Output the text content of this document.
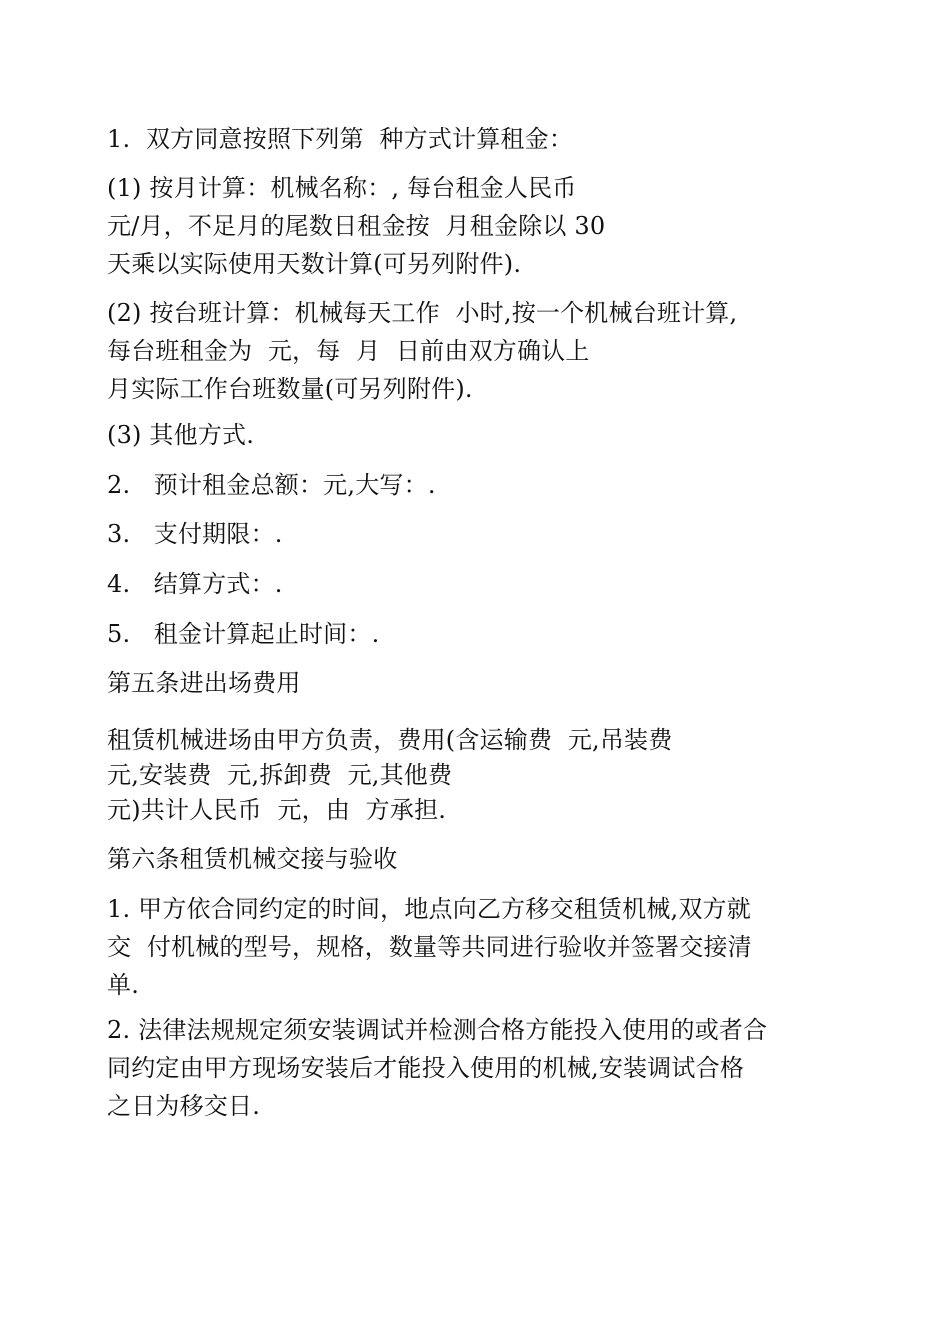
1.  双方同意按照下列第  种方式计算租金：
(1) 按月计算：机械名称：, 每台租金人民币
元/月，不足月的尾数日租金按  月租金除以 30
天乘以实际使用天数计算(可另列附件).
(2) 按台班计算：机械每天工作  小时,按一个机械台班计算,
每台班租金为  元，每  月  日前由双方确认上
月实际工作台班数量(可另列附件).
(3) 其他方式.
2.   预计租金总额：元,大写：.
3.   支付期限：.
4.   结算方式：.
5.   租金计算起止时间：.
第五条进出场费用
租赁机械进场由甲方负责，费用(含运输费  元,吊装费
元,安装费  元,拆卸费  元,其他费
元)共计人民币  元，由  方承担.
第六条租赁机械交接与验收
1. 甲方依合同约定的时间，地点向乙方移交租赁机械,双方就
交  付机械的型号，规格，数量等共同进行验收并签署交接清
单.
2. 法律法规规定须安装调试并检测合格方能投入使用的或者合
同约定由甲方现场安装后才能投入使用的机械,安装调试合格
之日为移交日.
